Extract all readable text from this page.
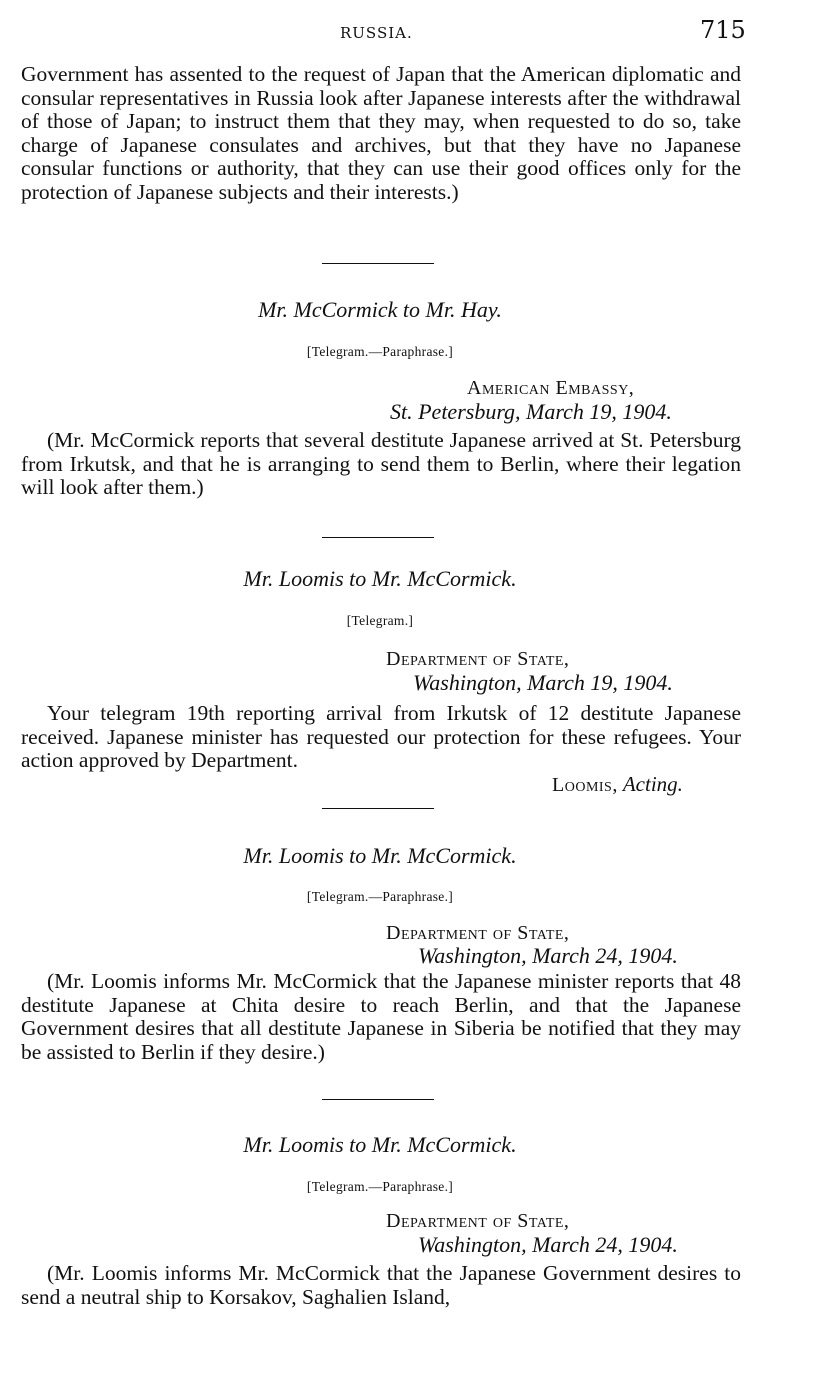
RUSSIA.	715

Government has assented to the request of Japan that the American diplomatic and consular representatives in Russia look after Japanese interests after the withdrawal of those of Japan; to instruct them that they may, when requested to do so, take charge of Japanese consulates and archives, but that they have no Japanese consular functions or authority, that they can use their good offices only for the protection of Japanese subjects and their interests.)

Mr. McCormick to Mr. Hay.

[Telegram.—Paraphrase.]

American Embassy,

St. Petersburg, March 19, 1904.

(Mr. McCormick reports that several destitute Japanese arrived at St. Petersburg from Irkutsk, and that he is arranging to send them to Berlin, where their legation will look after them.)

Mr. Loomis to Mr. McCormick.

[Telegram.]

Department of State,

Washington, March 19, 1904.

Your telegram 19th reporting arrival from Irkutsk of 12 destitute Japanese received. Japanese minister has requested our protection for these refugees. Your action approved by Department.

Loomis, Acting.

Mr. Loomis to Mr. McCormick.

[Telegram.—Paraphrase.]

Department of State,

Washington, March 24, 1904.

(Mr. Loomis informs Mr. McCormick that the Japanese minister reports that 48 destitute Japanese at Chita desire to reach Berlin, and that the Japanese Government desires that all destitute Japanese in Siberia be notified that they may be assisted to Berlin if they desire.)

Mr. Loomis to Mr. McCormick.

[Telegram.—Paraphrase.]

Department of State,

Washington, March 24, 1904.

(Mr. Loomis informs Mr. McCormick that the Japanese Government desires to send a neutral ship to Korsakov, Saghalien Island,
